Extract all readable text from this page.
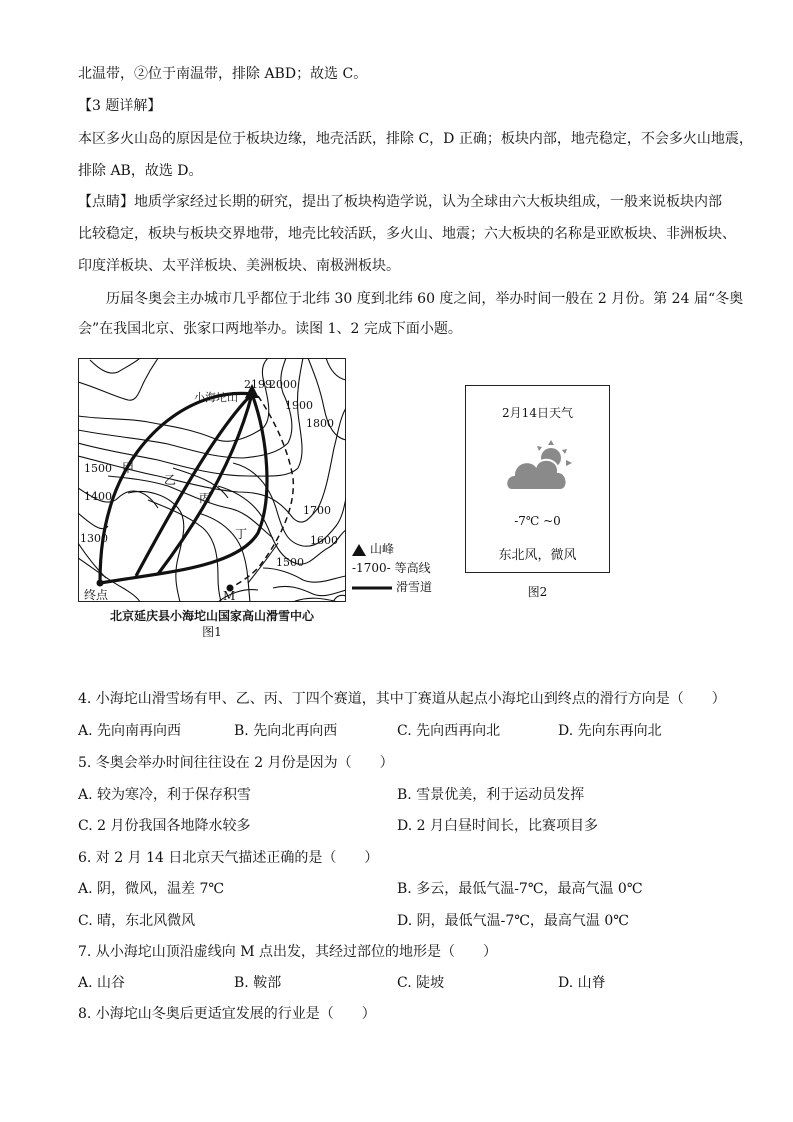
北温带，②位于南温带，排除 ABD；故选 C。
【3 题详解】
本区多火山岛的原因是位于板块边缘，地壳活跃，排除 C，D 正确；板块内部，地壳稳定，不会多火山地震，
排除 AB，故选 D。
【点睛】地质学家经过长期的研究，提出了板块构造学说，认为全球由六大板块组成，一般来说板块内部
比较稳定，板块与板块交界地带，地壳比较活跃，多火山、地震；六大板块的名称是亚欧板块、非洲板块、
印度洋板块、太平洋板块、美洲板块、南极洲板块。
历届冬奥会主办城市几乎都位于北纬 30 度到北纬 60 度之间，举办时间一般在 2 月份。第 24 届“冬奥
会”在我国北京、张家口两地举办。读图 1、2 完成下面小题。
小海坨山
2199
2000
1900
1800
1700
1600
1500
1500
1400
1300
甲
乙
丙
丁
终点	M
北京延庆县小海坨山国家高山滑雪中心
图1
山峰
-1700- 等高线
滑雪道
2月14日天气
-7℃ ~0
东北风，微风
图2
4. 小海坨山滑雪场有甲、乙、丙、丁四个赛道，其中丁赛道从起点小海坨山到终点的滑行方向是（　　）
A. 先向南再向西	B. 先向北再向西	C. 先向西再向北	D. 先向东再向北
5. 冬奥会举办时间往往设在 2 月份是因为（　　）
A. 较为寒冷，利于保存积雪	B. 雪景优美，利于运动员发挥
C. 2 月份我国各地降水较多	D. 2 月白昼时间长，比赛项目多
6. 对 2 月 14 日北京天气描述正确的是（　　）
A. 阴，微风，温差 7℃	B. 多云，最低气温-7℃，最高气温 0℃
C. 晴，东北风微风	D. 阴，最低气温-7℃，最高气温 0℃
7. 从小海坨山顶沿虚线向 M 点出发，其经过部位的地形是（　　）
A. 山谷	B. 鞍部	C. 陡坡	D. 山脊
8. 小海坨山冬奥后更适宜发展的行业是（　　）
